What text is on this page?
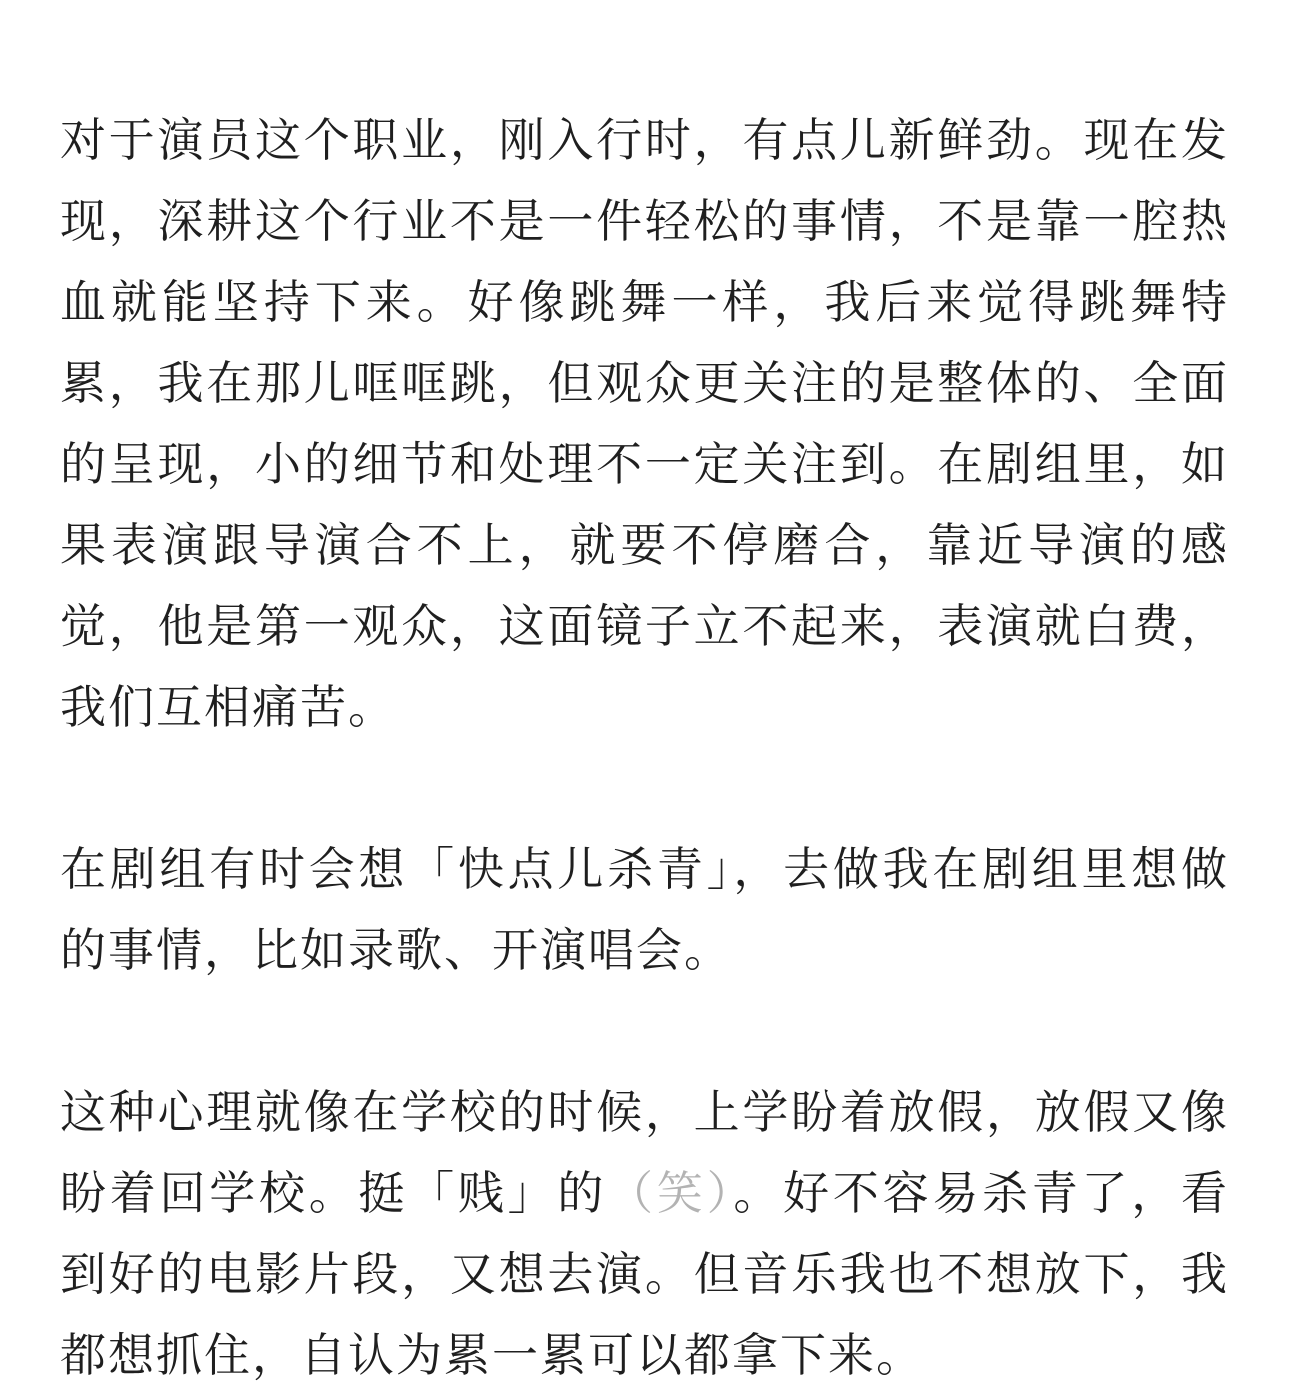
对于演员这个职业，刚入行时，有点儿新鲜劲。现在发现，深耕这个行业不是一件轻松的事情，不是靠一腔热血就能坚持下来。好像跳舞一样，我后来觉得跳舞特累，我在那儿哐哐跳，但观众更关注的是整体的、全面的呈现，小的细节和处理不一定关注到。在剧组里，如果表演跟导演合不上，就要不停磨合，靠近导演的感觉，他是第一观众，这面镜子立不起来，表演就白费，我们互相痛苦。

在剧组有时会想「快点儿杀青」，去做我在剧组里想做的事情，比如录歌、开演唱会。

这种心理就像在学校的时候，上学盼着放假，放假又像盼着回学校。挺「贱」的（笑）。好不容易杀青了，看到好的电影片段，又想去演。但音乐我也不想放下，我都想抓住，自认为累一累可以都拿下来。
